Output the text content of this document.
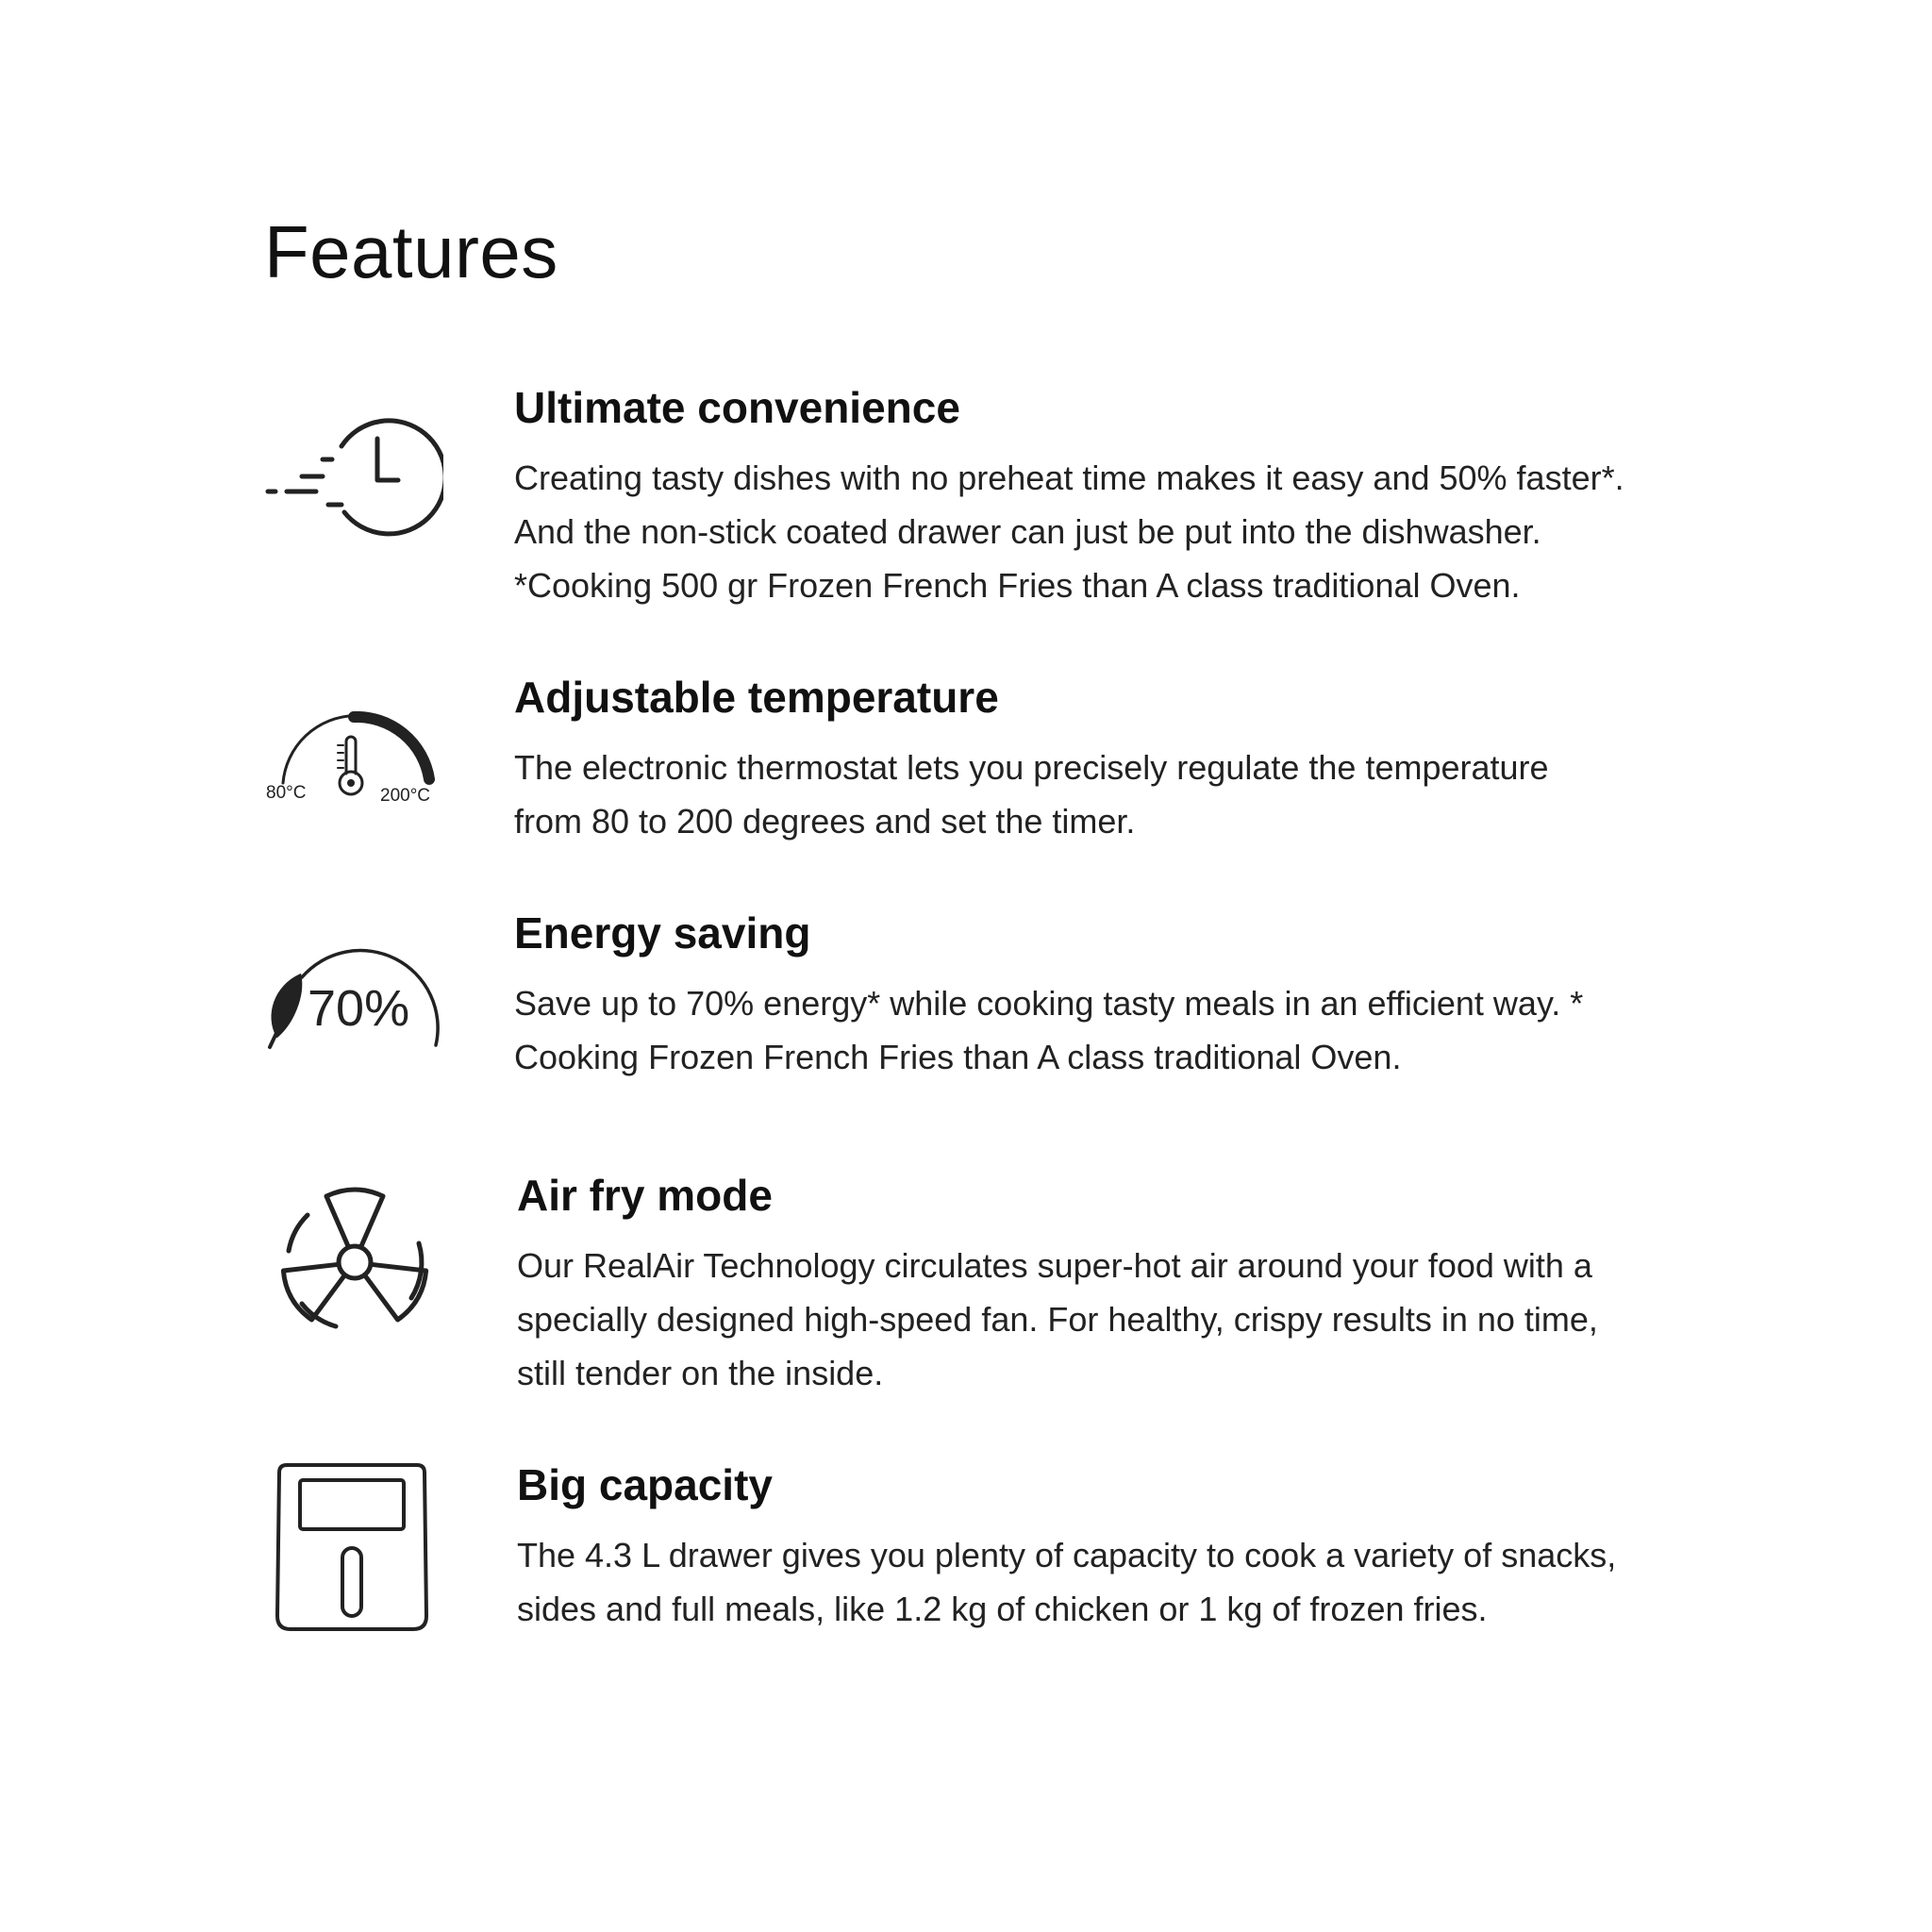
Features
Ultimate convenience

Creating tasty dishes with no preheat time makes it easy and 50% faster*.
And the non-stick coated drawer can just be put into the dishwasher.
*Cooking 500 gr Frozen French Fries than A class traditional Oven.

80°C	200°C
Adjustable temperature

The electronic thermostat lets you precisely regulate the temperature
from 80 to 200 degrees and set the timer.

70%
Energy saving

Save up to 70% energy* while cooking tasty meals in an efficient way. *
Cooking Frozen French Fries than A class traditional Oven.

Air fry mode

Our RealAir Technology circulates super-hot air around your food with a
specially designed high-speed fan. For healthy, crispy results in no time,
still tender on the inside.

Big capacity

The 4.3 L drawer gives you plenty of capacity to cook a variety of snacks,
sides and full meals, like 1.2 kg of chicken or 1 kg of frozen fries.
